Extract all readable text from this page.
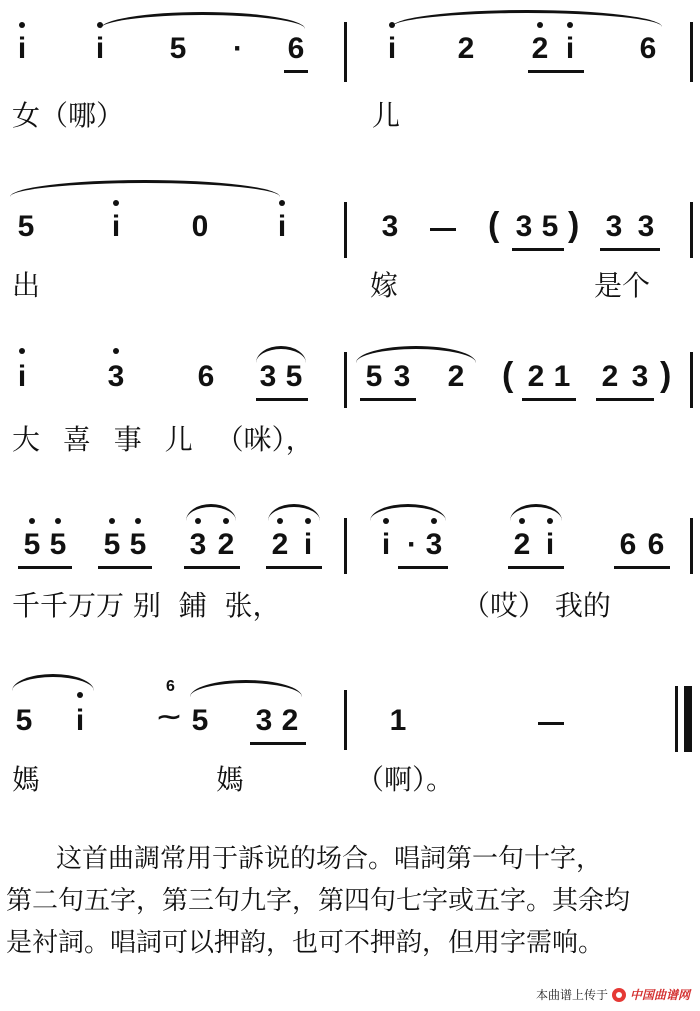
i i 5 · 6	i 2 2 i 6
女（哪）	儿
5	i 0 i	3	( 3 5 ) 3 3
出	嫁	是个
i	3 6 3 5 5 3 2 ( 2 1 2 3 )
大 喜 事 儿 （咪），
5 5 5 5 3 2 2 i i · 3 2 i 6 6
千千万万 别  鋪  张，	（哎） 我的
5 i
6
⁓ 5 3 2	1
媽	媽	（啊）。

这首曲調常用于訴说的场合。唱詞第一句十字，

第二句五字，第三句九字，第四句七字或五字。其余均

是衬詞。唱詞可以押韵，也可不押韵，但用字需响。

本曲谱上传于 中国曲谱网
